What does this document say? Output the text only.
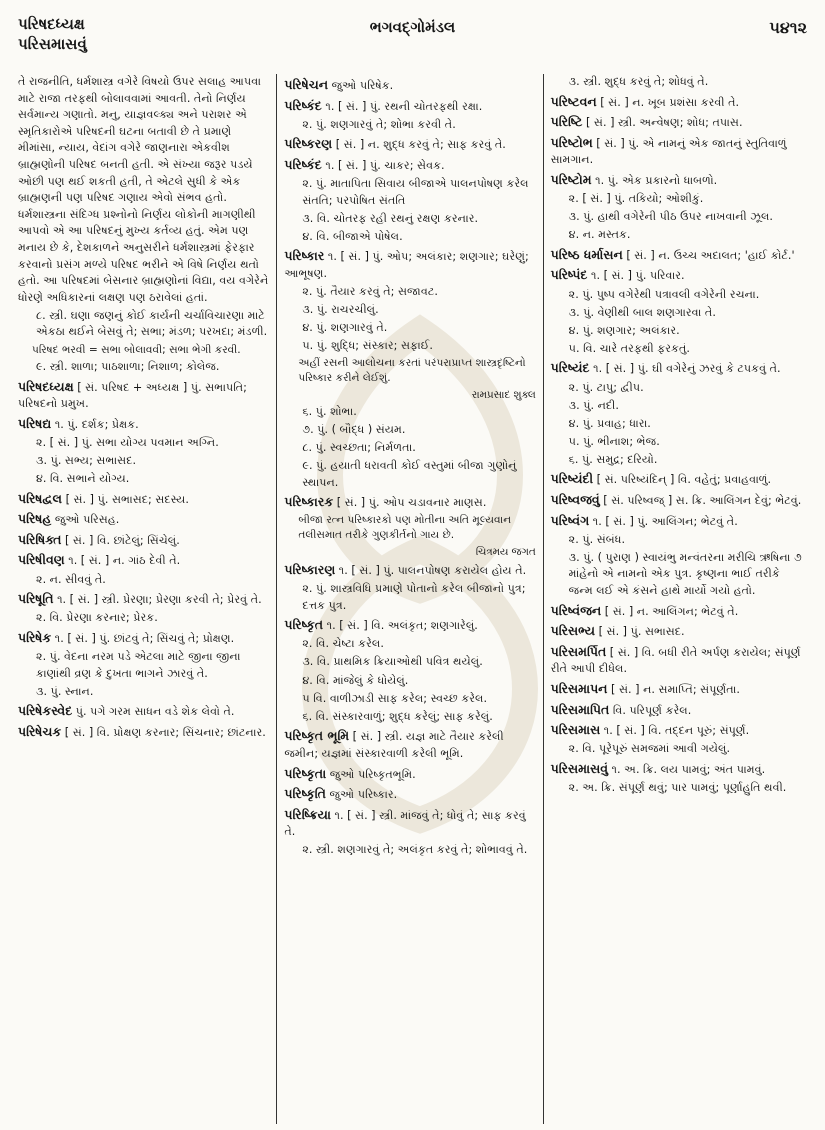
પરિષદધ્યક્ષ
પરિસમાસવું
ભગવદ્ગોમંડલ	૫૪૧૨
તે રાજનીતિ, ધર્મશાસ્ત્ર વગેરે વિષયો ઉપર સલાહ આપવા માટે રાજા તરફથી બોલાવવામાં આવતી. તેનો નિર્ણય સર્વમાન્ય ગણાતો. મનુ, યાજ્ઞવલ્ક્ય અને પરાશર એ સ્મૃતિકારોએ પરિષદની ઘટના બતાવી છે તે પ્રમાણે મીમાંસા, ન્યાય, વેદાંગ વગેરે જાણનારા એકવીશ બ્રાહ્મણોની પરિષદ બનતી હતી. એ સંખ્યા જરૂર પડયે ઓછી પણ થઈ શકતી હતી, તે એટલે સુધી કે એક બ્રાહ્મણની પણ પરિષદ ગણાય એવો સંભવ હતો. ધર્મશાસ્ત્રના સંદિગ્ધ પ્રશ્નોનો નિર્ણય લોકોની માગણીથી આપવો એ આ પરિષદનું મુખ્ય કર્તવ્ય હતું. એમ પણ મનાય છે કે, દેશકાળને અનુસરીને ધર્મશાસ્ત્રમાં ફેરફાર કરવાનો પ્રસંગ મળ્યે પરિષદ ભરીને એ વિષે નિર્ણય થતો હતો. આ પરિષદમાં બેસનાર બ્રાહ્મણોનાં વિદ્યા, વય વગેરેને ધોરણે અધિકારનાં લક્ષણ પણ ઠરાવેલાં હતાં.
૮. સ્ત્રી. ઘણા જણનું કોઈ કાર્યની ચર્ચાવિચારણા માટે એકઠા થઈને બેસવું તે; સભા; મંડળ; પરખદા; મંડળી.
પરિષદ ભરવી = સભા બોલાવવી; સભા ભેગી કરવી.
૯. સ્ત્રી. શાળા; પાઠશાળા; નિશાળ; કોલેજ.
પરિષદધ્યક્ષ [ સં. પરિષદ + અધ્યક્ષ ] પું. સભાપતિ; પરિષદનો પ્રમુખ.
પરિષદ્ય ૧. પું. દર્શક; પ્રેક્ષક.
૨. [ સં. ] પું. સભા યોગ્ય પવમાન અગ્નિ.
૩. પું. સભ્ય; સભાસદ.
૪. વિ. સભાને યોગ્ય.
પરિષદ્વલ [ સં. ] પું. સભાસદ; સદસ્ય.
પરિષહ જુઓ પરિસહ.
પરિષિક્ત [ સં. ] વિ. છાંટેલું; સિંચેલું.
પરિષીવણ ૧. [ સં. ] ન. ગાંઠ દેવી તે.
૨. ન. સીવવું તે.
પરિષૂતિ ૧. [ સં. ] સ્ત્રી. પ્રેરણા; પ્રેરણા કરવી તે; પ્રેરવું તે.
૨. વિ. પ્રેરણા કરનાર; પ્રેરક.
પરિષેક ૧. [ સં. ] પું. છાંટવું તે; સિંચવું તે; પ્રોક્ષણ.
૨. પું. વેદના નરમ પડે એટલા માટે જીના જીના કાણાંથી વ્રણ કે દુખતા ભાગને ઝારવું તે.
૩. પું. સ્નાન.
પરિષેકસ્વેદ પું. પગે ગરમ સાધન વડે શેક લેવો તે.
પરિષેચક [ સં. ] વિ. પ્રોક્ષણ કરનાર; સિંચનાર; છાંટનાર.
પરિષેચન જુઓ પરિષેક.
પરિષ્કંદ ૧. [ સં. ] પું. રથની ચોતરફથી રક્ષા.
૨. પું. શણગારવું તે; શોભા કરવી તે.
પરિષ્કરણ [ સં. ] ન. શુદ્ધ કરવું તે; સાફ કરવું તે.
પરિષ્કંદ ૧. [ સં. ] પું. ચાકર; સેવક.
૨. પું. માતાપિતા સિવાય બીજાએ પાલનપોષણ કરેલ સંતતિ; પરપોષિત સંતતિ
૩. વિ. ચોતરફ રહી રથનું રક્ષણ કરનાર.
૪. વિ. બીજાએ પોષેલ.
પરિષ્કાર ૧. [ સં. ] પું. ઓપ; અલંકાર; શણગાર; ઘરેણું; આભૂષણ.
૨. પું. તૈયાર કરવું તે; સજાવટ.
૩. પું. રાચરચીલું.
૪. પું. શણગારવું તે.
૫. પું. શુદ્ધિ; સંસ્કાર; સફાઈ.
અહીં રસની આલોચના કરતાં પરંપરાપ્રાપ્ત શાસ્ત્રદૃષ્ટિનો પરિષ્કાર કરીને લેઈશું.
રામપ્રસાદ શુક્લ
૬. પું. શોભા.
૭. પું. ( બૌદ્ધ ) સંયમ.
૮. પું. સ્વચ્છતા; નિર્મળતા.
૯. પું. હયાતી ધરાવતી કોઈ વસ્તુમાં બીજા ગુણોનું સ્થાપન.
પરિષ્કારક [ સં. ] પું. ઓપ ચડાવનાર માણસ.
બીજા રત્ન પરિષ્કારકો પણ મોતીના અતિ મૂલ્યવાન તલીસમાત તરીકે ગુણકીર્તનો ગાય છે.
ચિત્રમય જગત
પરિષ્કારણ ૧. [ સં. ] પું. પાલનપોષણ કરાયેલ હોય તે.
૨. પું. શાસ્ત્રવિધિ પ્રમાણે પોતાનો કરેલ બીજાનો પુત્ર; દત્તક પુત્ર.
પરિષ્કૃત ૧. [ સં. ] વિ. અલંકૃત; શણગારેલું.
૨. વિ. ચેષ્ટા કરેલ.
૩. વિ. પ્રાથમિક ક્રિયાઓથી પવિત્ર થયેલું.
૪. વિ. માંજેલું કે ધોયેલું.
૫ વિ. વાળીઝાડી સાફ કરેલ; સ્વચ્છ કરેલ.
૬. વિ. સંસ્કારવાળું; શુદ્ધ કરેલું; સાફ કરેલું.
પરિષ્કૃત ભૂમિ [ સં. ] સ્ત્રી. યજ્ઞ માટે તૈયાર કરેલી જમીન; યજ્ઞમાં સંસ્કારવાળી કરેલી ભૂમિ.
પરિષ્કૃતા જુઓ પરિષ્કૃતભૂમિ.
પરિષ્કૃતિ જુઓ પરિષ્કાર.
પરિષ્ક્રિયા ૧. [ સં. ] સ્ત્રી. માંજવું તે; ધોવું તે; સાફ કરવું તે.
૨. સ્ત્રી. શણગારવું તે; અલંકૃત કરવું તે; શોભાવવું તે.
૩. સ્ત્રી. શુદ્ધ કરવું તે; શોધવું તે.
પરિષ્ટવન [ સં. ] ન. ખૂબ પ્રશંસા કરવી તે.
પરિષ્ટિ [ સં. ] સ્ત્રી. અન્વેષણ; શોધ; તપાસ.
પરિષ્ટોભ [ સં. ] પું. એ નામનું એક જાતનું સ્તુતિવાળું સામગાન.
પરિષ્ટોમ ૧. પું. એક પ્રકારનો ધાબળો.
૨. [ સં. ] પું. તકિયો; ઓશીકું.
૩. પું. હાથી વગેરેની પીઠ ઉપર નાખવાની ઝૂલ.
૪. ન. મસ્તક.
પરિષ્ઠ ધર્માસન [ સં. ] ન. ઉચ્ચ અદાલત; 'હાઈ કોર્ટ.'
પરિષ્પંદ ૧. [ સં. ] પું. પરિવાર.
૨. પું. પુષ્પ વગેરેથી પત્રાવલી વગેરેની રચના.
૩. પું. વેણીથી બાલ શણગારવા તે.
૪. પું. શણગાર; અલંકાર.
૫. વિ. ચારે તરફથી ફરકતું.
પરિષ્યંદ ૧. [ સં. ] પું. ઘી વગેરેનું ઝરવું કે ટપકવું તે.
૨. પું. ટાપુ; દ્વીપ.
૩. પું. નદી.
૪. પું. પ્રવાહ; ધારા.
૫. પું. ભીનાશ; ભેજ.
૬. પું. સમુદ્ર; દરિયો.
પરિષ્યંદી [ સં. પરિષ્યંદિન્ ] વિ. વહેતું; પ્રવાહવાળું.
પરિષ્વજવું [ સં. પરિષ્વજ્ ] સ. ક્રિ. આલિંગન દેવું; ભેટવું.
પરિષ્વંગ ૧. [ સં. ] પું. આલિંગન; ભેટવું તે.
૨. પું. સંબંધ.
૩. પું. ( પુરાણ ) સ્વાયંભુ મન્વંતરના મરીચિ ઋષિના ૭ માંહેનો એ નામનો એક પુત્ર. કૃષ્ણના ભાઈ તરીકે જન્મ લઈ એ કંસને હાથે માર્યો ગયો હતો.
પરિષ્વંજન [ સં. ] ન. આલિંગન; ભેટવું તે.
પરિસભ્ય [ સં. ] પું. સભાસદ.
પરિસમર્પિત [ સં. ] વિ. બધી રીતે અર્પણ કરાયેલ; સંપૂર્ણ રીતે આપી દીધેલ.
પરિસમાપન [ સં. ] ન. સમાપ્તિ; સંપૂર્ણતા.
પરિસમાપિત વિ. પરિપૂર્ણ કરેલ.
પરિસમાસ ૧. [ સં. ] વિ. તદ્દન પૂરું; સંપૂર્ણ.
૨. વિ. પૂરેપૂરું સમજમાં આવી ગયેલું.
પરિસમાસવું ૧. અ. ક્રિ. લય પામવું; અંત પામવું.
૨. અ. ક્રિ. સંપૂર્ણ થવું; પાર પામવું; પૂર્ણાહુતિ થવી.
